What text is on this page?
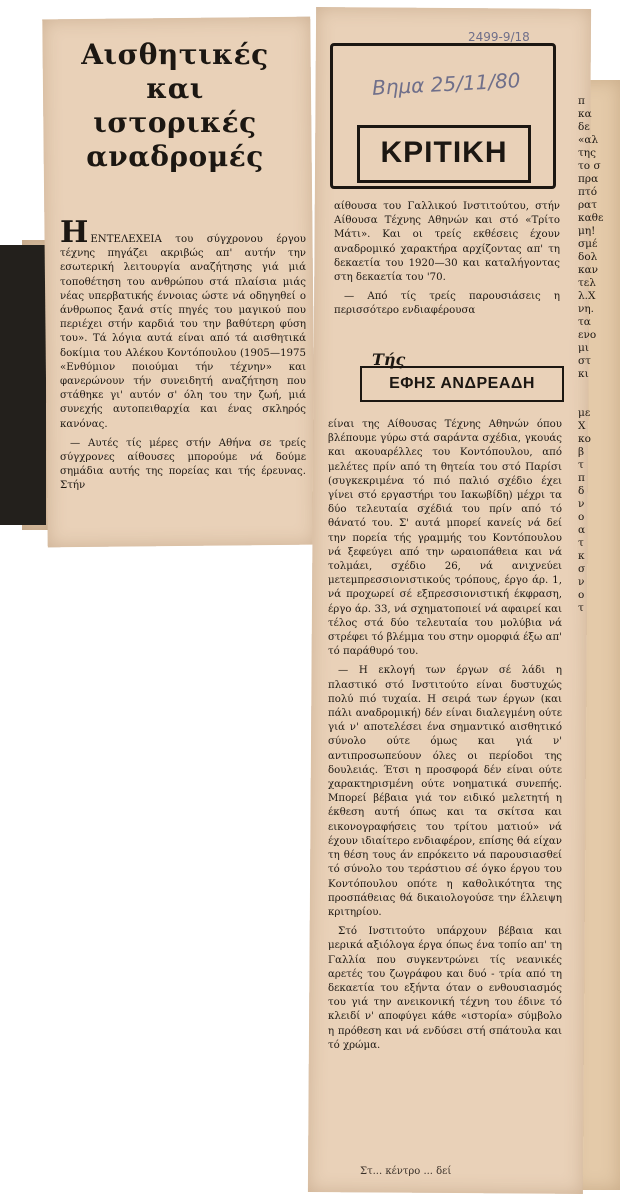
π
κα
δε
«αλ
της
το σ
πρα
πτό
ρατ
καθε
μη!
σμέ
δολ
καν
τελ
λ.Χ
νη.
τα
ενο
μι
στ
κι

με
Χ
κο
β
τ
π
δ
ν
ο
α
τ
κ
σ
ν
ο
τ
2499-9/18
Αισθητικές
και
ιστορικές
αναδρομές

ΗΕΝΤΕΛΕΧΕΙΑ του σύγχρονου έργου τέχνης πηγάζει ακριβώς απ' αυτήν την εσωτερική λειτουργία αναζήτησης γιά μιά τοποθέτηση του ανθρώπου στά πλαίσια μιάς νέας υπερβατικής έννοιας ώστε νά οδηγηθεί ο άνθρωπος ξανά στίς πηγές του μαγικού που περιέχει στήν καρδιά του την βαθύτερη φύση του». Τά λόγια αυτά είναι από τά αισθητικά δοκίμια του Αλέκου Κοντόπουλου (1905—1975 «Ενθύμιον ποιούμαι τήν τέχνην» και φανερώνουν τήν συνειδητή αναζήτηση που στάθηκε γι' αυτόν σ' όλη του την ζωή, μιά συνεχής αυτοπειθαρχία και ένας σκληρός κανόνας.

— Αυτές τίς μέρες στήν Αθήνα σε τρείς σύγχρονες αίθουσες μπορούμε νά δούμε σημάδια αυτής της πορείας και τής έρευνας. Στήν

Βημα 25/11/80
ΚΡΙΤΙΚΗ

αίθουσα του Γαλλικού Ινστιτούτου, στήν Αίθουσα Τέχνης Αθηνών και στό «Τρίτο Μάτι». Και οι τρείς εκθέσεις έχουν αναδρομικό χαρακτήρα αρχίζοντας απ' τη δεκαετία του 1920—30 και καταλήγοντας στη δεκαετία του '70.

— Από τίς τρείς παρουσιάσεις η περισσότερο ενδιαφέρουσα

Τής
ΕΦΗΣ ΑΝΔΡΕΑΔΗ

είναι της Αίθουσας Τέχνης Αθηνών όπου βλέπουμε γύρω στά σαράντα σχέδια, γκουάς και ακουαρέλλες του Κοντόπουλου, από μελέτες πρίν από τη θητεία του στό Παρίσι (συγκεκριμένα τό πιό παλιό σχέδιο έχει γίνει στό εργαστήρι του Ιακωβίδη) μέχρι τα δύο τελευταία σχέδιά του πρίν από τό θάνατό του. Σ' αυτά μπορεί κανείς νά δεί την πορεία τής γραμμής του Κοντόπουλου νά ξεφεύγει από την ωραιοπάθεια και νά τολμάει, σχέδιο 26, νά ανιχνεύει μετεμπρεσσιονιστικούς τρόπους, έργο άρ. 1, νά προχωρεί σέ εξπρεσσιονιστική έκφραση, έργο άρ. 33, νά σχηματοποιεί νά αφαιρεί και τέλος στά δύο τελευταία του μολύβια νά στρέφει τό βλέμμα του στην ομορφιά έξω απ' τό παράθυρό του.

— Η εκλογή των έργων σέ λάδι η πλαστικό στό Ινστιτούτο είναι δυστυχώς πολύ πιό τυχαία. Η σειρά των έργων (και πάλι αναδρομική) δέν είναι διαλεγμένη ούτε γιά ν' αποτελέσει ένα σημαντικό αισθητικό σύνολο ούτε όμως και γιά ν' αντιπροσωπεύουν όλες οι περίοδοι της δουλειάς. Έτσι η προσφορά δέν είναι ούτε χαρακτηρισμένη ούτε νοηματικά συνεπής. Μπορεί βέβαια γιά τον ειδικό μελετητή η έκθεση αυτή όπως και τα σκίτσα και εικονογραφήσεις του τρίτου ματιού» νά έχουν ιδιαίτερο ενδιαφέρον, επίσης θά είχαν τη θέση τους άν επρόκειτο νά παρουσιασθεί τό σύνολο του τεράστιου σέ όγκο έργου του Κοντόπουλου οπότε η καθολικότητα της προσπάθειας θά δικαιολογούσε την έλλειψη κριτηρίου.

Στό Ινστιτούτο υπάρχουν βέβαια και μερικά αξιόλογα έργα όπως ένα τοπίο απ' τη Γαλλία που συγκεντρώνει τίς νεανικές αρετές του ζωγράφου και δυό - τρία από τη δεκαετία του εξήντα όταν ο ενθουσιασμός του γιά την ανεικονική τέχνη του έδινε τό κλειδί ν' αποφύγει κάθε «ιστορία» σύμβολο η πρόθεση και νά ενδύσει στή σπάτουλα και τό χρώμα.

Στ... κέντρο ... δεί
